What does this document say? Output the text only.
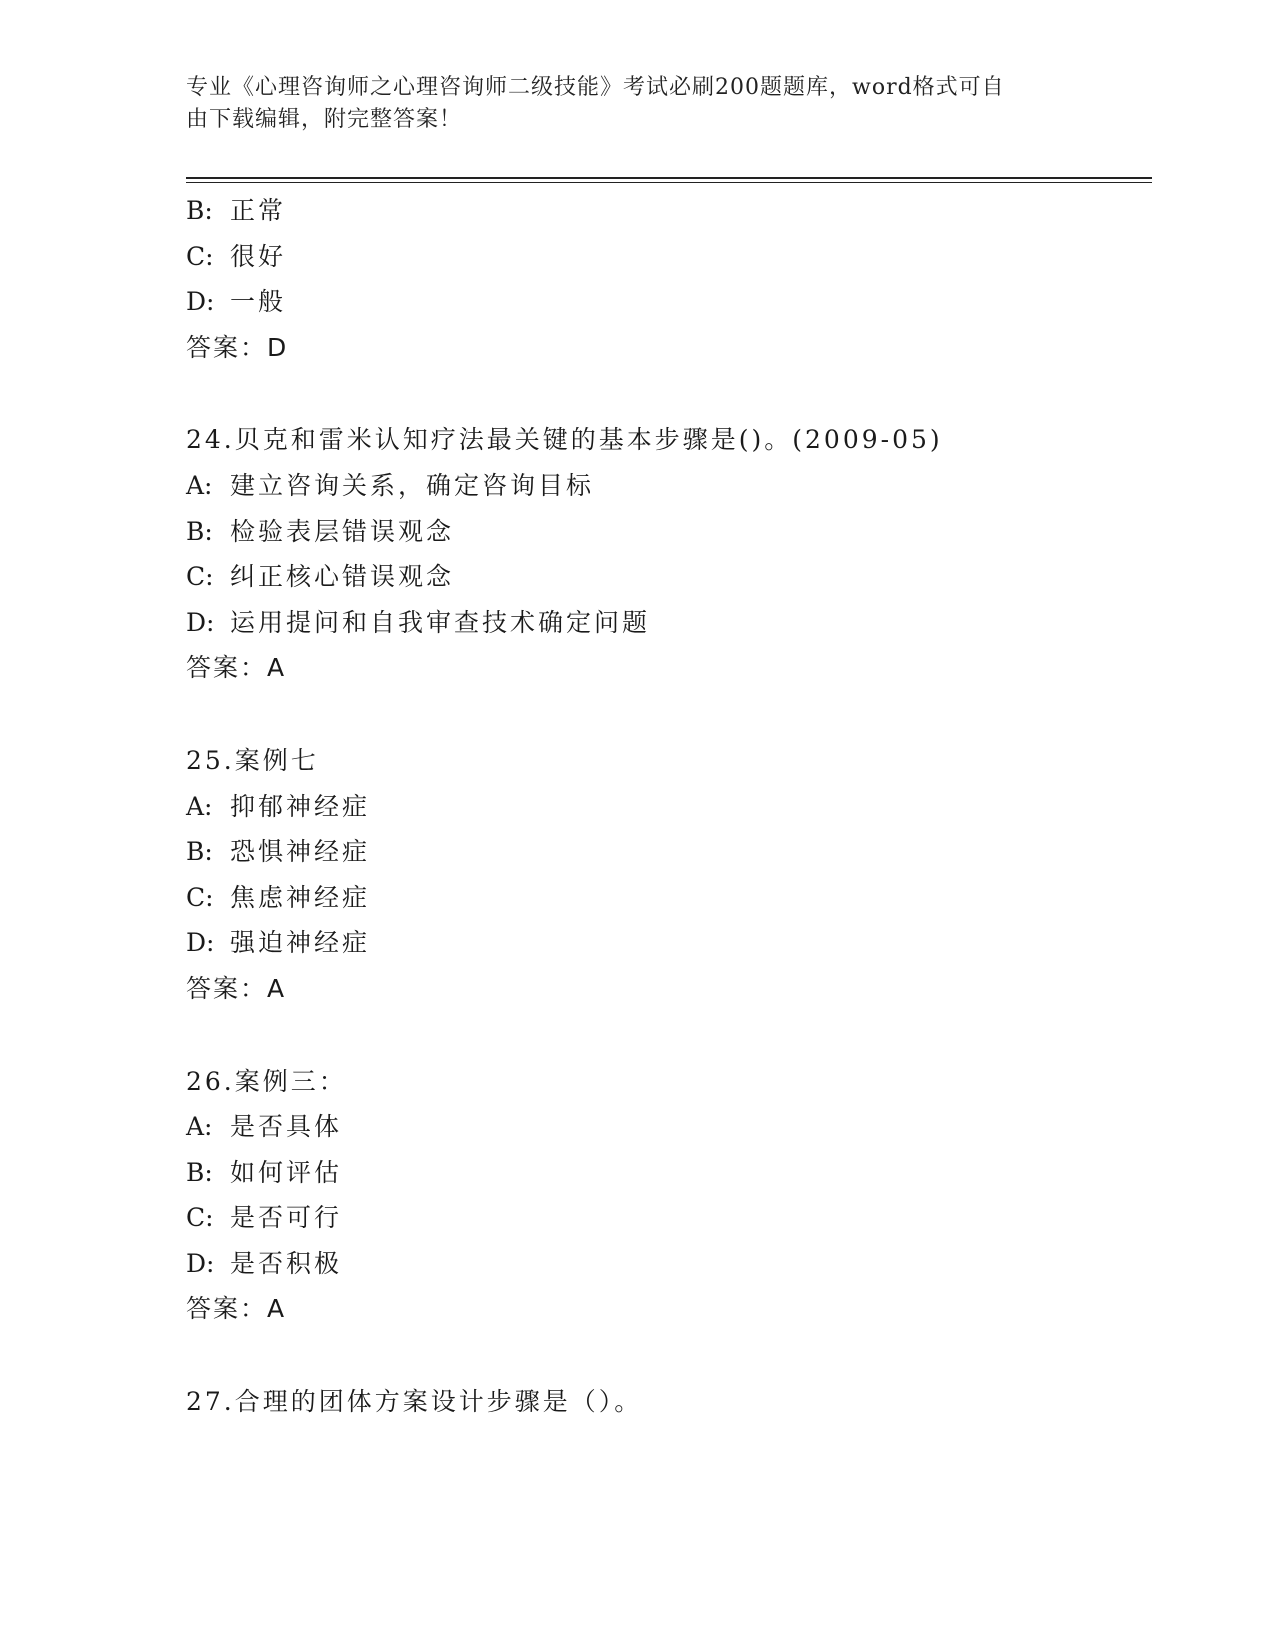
专业《心理咨询师之心理咨询师二级技能》考试必刷200题题库，word格式可自
由下载编辑，附完整答案！
B: 正常
C: 很好
D: 一般
答案：D
24.贝克和雷米认知疗法最关键的基本步骤是()。(2009-05)
A: 建立咨询关系，确定咨询目标
B: 检验表层错误观念
C: 纠正核心错误观念
D: 运用提问和自我审查技术确定问题
答案：A
25.案例七
A: 抑郁神经症
B: 恐惧神经症
C: 焦虑神经症
D: 强迫神经症
答案：A
26.案例三：
A: 是否具体
B: 如何评估
C: 是否可行
D: 是否积极
答案：A
27.合理的团体方案设计步骤是（）。
